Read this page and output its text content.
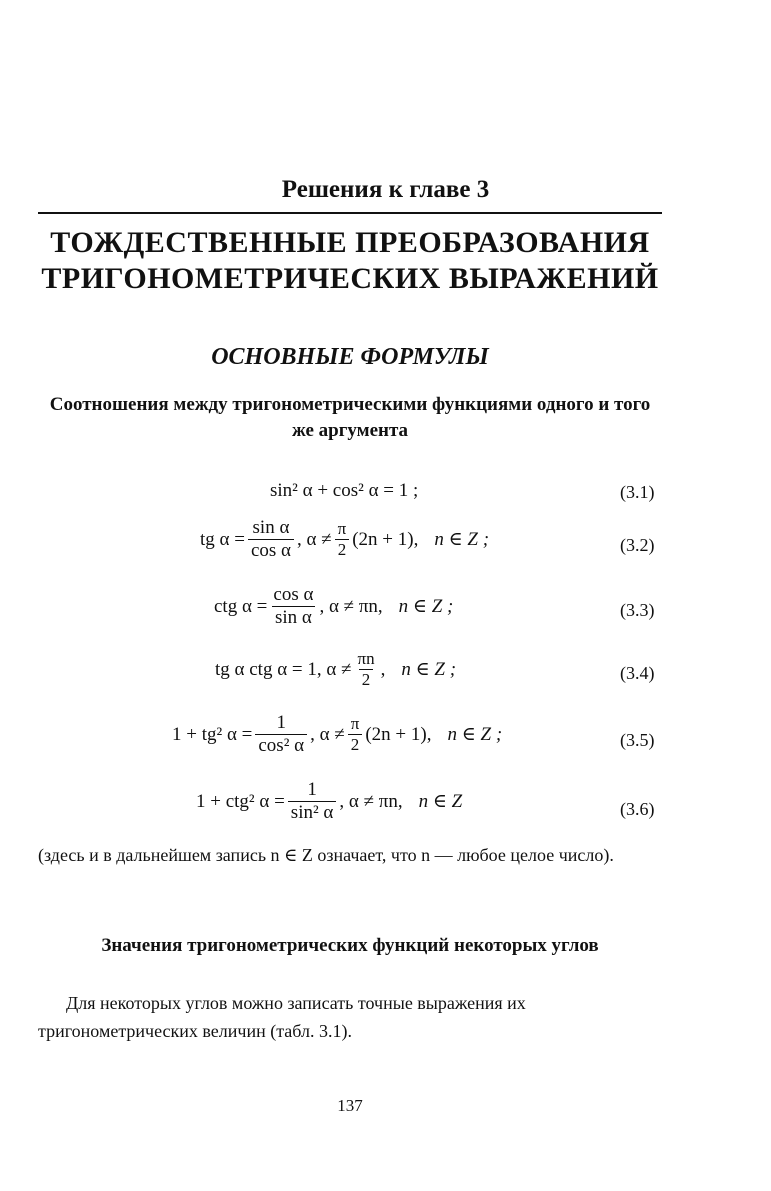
Решения к главе 3
ТОЖДЕСТВЕННЫЕ ПРЕОБРАЗОВАНИЯ
ТРИГОНОМЕТРИЧЕСКИХ ВЫРАЖЕНИЙ
ОСНОВНЫЕ ФОРМУЛЫ
Соотношения между тригонометрическими функциями одного и того же аргумента
sin² α + cos² α = 1 ;	(3.1)
tg $\alpha = \frac{\text{sin α}}{\text{cos α}}$ , $\alpha \ne \frac{\pi}{2} (2n + 1)$, n ∈ Z ;	(3.2)
ctg $\alpha = \frac{\text{cos α}}{\text{sin α}}$ , α ≠ πn, n ∈ Z ;	(3.3)
tg α ctg α = 1, $\alpha \ne \frac{\pi n}{2}$ , n ∈ Z ;	(3.4)
1 + tg² $\alpha = \frac{1}{\text{cos² α}}$ , $\alpha \ne \frac{\pi}{2} (2n + 1)$, n ∈ Z ;	(3.5)
1 + ctg² $\alpha = \frac{1}{\text{sin² α}}$ , α ≠ πn, n ∈ Z	(3.6)
(здесь и в дальнейшем запись n ∈ Z означает, что n — любое целое число).
Значения тригонометрических функций некоторых углов
Для некоторых углов можно записать точные выражения их тригонометрических величин (табл. 3.1).
137
